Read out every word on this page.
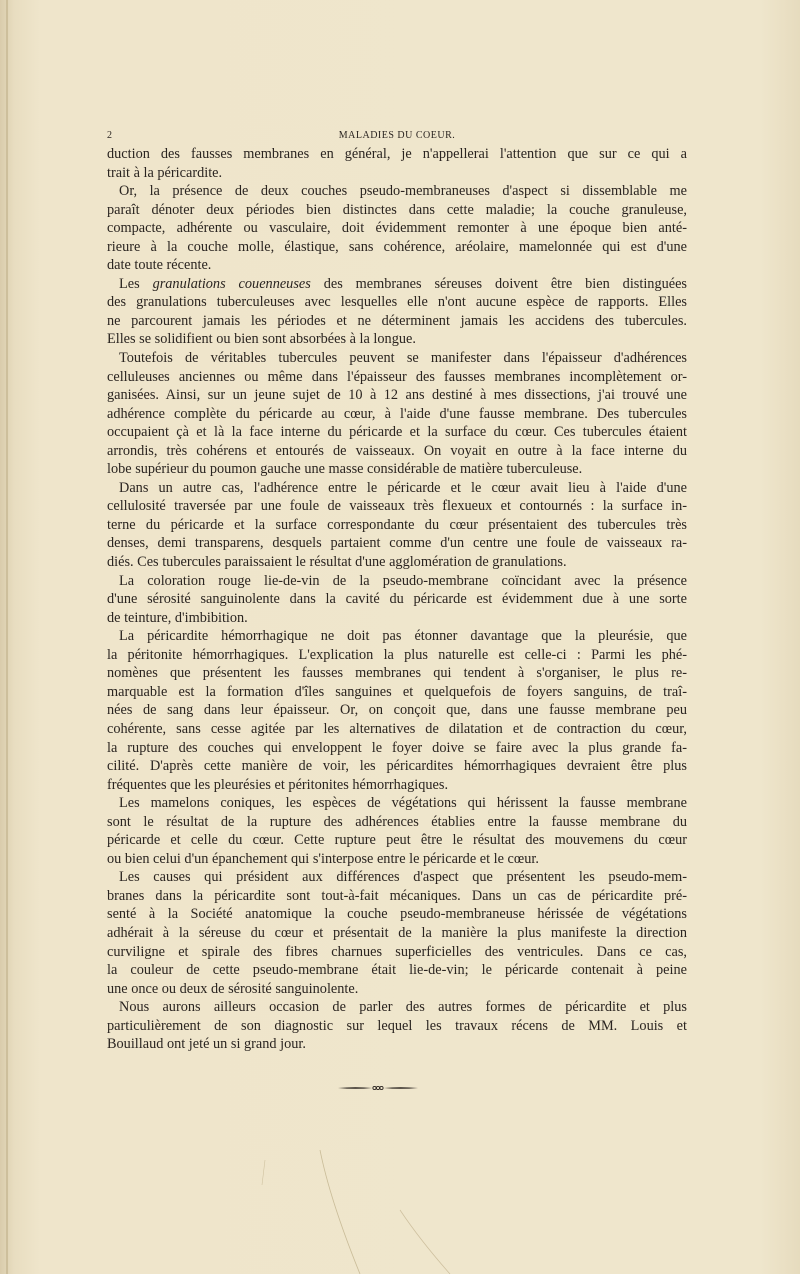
2	MALADIES DU COEUR.
duction des fausses membranes en général, je n'appellerai l'attention que sur ce qui a
trait à la péricardite.
Or, la présence de deux couches pseudo-membraneuses d'aspect si dissemblable me
paraît dénoter deux périodes bien distinctes dans cette maladie; la couche granuleuse,
compacte, adhérente ou vasculaire, doit évidemment remonter à une époque bien anté-
rieure à la couche molle, élastique, sans cohérence, aréolaire, mamelonnée qui est d'une
date toute récente.
Les granulations couenneuses des membranes séreuses doivent être bien distinguées
des granulations tuberculeuses avec lesquelles elle n'ont aucune espèce de rapports. Elles
ne parcourent jamais les périodes et ne déterminent jamais les accidens des tubercules.
Elles se solidifient ou bien sont absorbées à la longue.
Toutefois de véritables tubercules peuvent se manifester dans l'épaisseur d'adhérences
celluleuses anciennes ou même dans l'épaisseur des fausses membranes incomplètement or-
ganisées. Ainsi, sur un jeune sujet de 10 à 12 ans destiné à mes dissections, j'ai trouvé une
adhérence complète du péricarde au cœur, à l'aide d'une fausse membrane. Des tubercules
occupaient çà et là la face interne du péricarde et la surface du cœur. Ces tubercules étaient
arrondis, très cohérens et entourés de vaisseaux. On voyait en outre à la face interne du
lobe supérieur du poumon gauche une masse considérable de matière tuberculeuse.
Dans un autre cas, l'adhérence entre le péricarde et le cœur avait lieu à l'aide d'une
cellulosité traversée par une foule de vaisseaux très flexueux et contournés : la surface in-
terne du péricarde et la surface correspondante du cœur présentaient des tubercules très
denses, demi transparens, desquels partaient comme d'un centre une foule de vaisseaux ra-
diés. Ces tubercules paraissaient le résultat d'une agglomération de granulations.
La coloration rouge lie-de-vin de la pseudo-membrane coïncidant avec la présence
d'une sérosité sanguinolente dans la cavité du péricarde est évidemment due à une sorte
de teinture, d'imbibition.
La péricardite hémorrhagique ne doit pas étonner davantage que la pleurésie, que
la péritonite hémorrhagiques. L'explication la plus naturelle est celle-ci : Parmi les phé-
nomènes que présentent les fausses membranes qui tendent à s'organiser, le plus re-
marquable est la formation d'îles sanguines et quelquefois de foyers sanguins, de traî-
nées de sang dans leur épaisseur. Or, on conçoit que, dans une fausse membrane peu
cohérente, sans cesse agitée par les alternatives de dilatation et de contraction du cœur,
la rupture des couches qui enveloppent le foyer doive se faire avec la plus grande fa-
cilité. D'après cette manière de voir, les péricardites hémorrhagiques devraient être plus
fréquentes que les pleurésies et péritonites hémorrhagiques.
Les mamelons coniques, les espèces de végétations qui hérissent la fausse membrane
sont le résultat de la rupture des adhérences établies entre la fausse membrane du
péricarde et celle du cœur. Cette rupture peut être le résultat des mouvemens du cœur
ou bien celui d'un épanchement qui s'interpose entre le péricarde et le cœur.
Les causes qui président aux différences d'aspect que présentent les pseudo-mem-
branes dans la péricardite sont tout-à-fait mécaniques. Dans un cas de péricardite pré-
senté à la Société anatomique la couche pseudo-membraneuse hérissée de végétations
adhérait à la séreuse du cœur et présentait de la manière la plus manifeste la direction
curviligne et spirale des fibres charnues superficielles des ventricules. Dans ce cas,
la couleur de cette pseudo-membrane était lie-de-vin; le péricarde contenait à peine
une once ou deux de sérosité sanguinolente.
Nous aurons ailleurs occasion de parler des autres formes de péricardite et plus
particulièrement de son diagnostic sur lequel les travaux récens de MM. Louis et
Bouillaud ont jeté un si grand jour.
